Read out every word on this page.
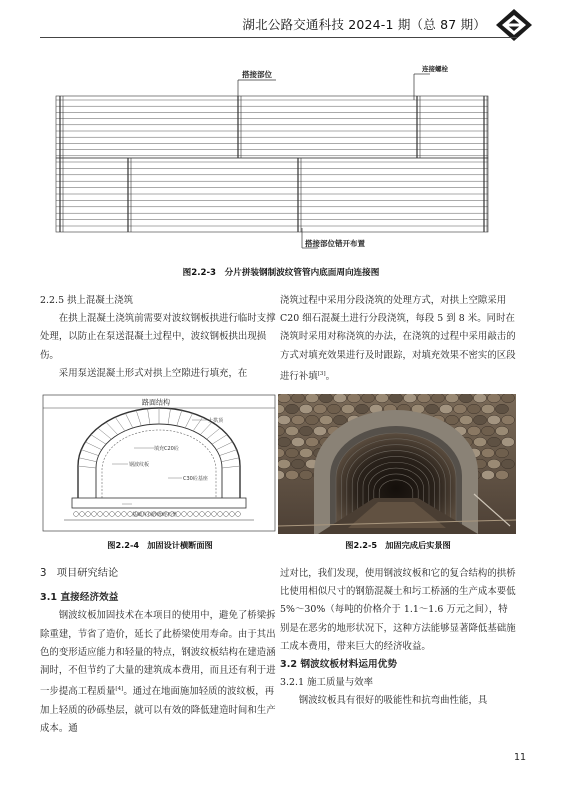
湖北公路交通科技 2024-1 期（总 87 期）
搭接部位
连接螺栓
搭接部位错开布置
图2.2-3　分片拼装钢制波纹管管内底面周向连接图

2.2.5 拱上混凝土浇筑

在拱上混凝土浇筑前需要对波纹钢板拱进行临时支撑处理，以防止在泵送混凝土过程中，波纹钢板拱出现损伤。

采用泵送混凝土形式对拱上空隙进行填充，在

浇筑过程中采用分段浇筑的处理方式，对拱上空隙采用 C20 细石混凝土进行分段浇筑，每段 5 到 8 米。同时在浇筑时采用对称浇筑的办法，在浇筑的过程中采用敲击的方式对填充效果进行及时跟踪，对填充效果不密实的区段进行补填[3]。

路面结构
土拱顶
填充C20砼
钢波纹板
C30砼基座
基础片石砂砾碎石垫
图2.2-4　加固设计横断面图	图2.2-5　加固完成后实景图

3　项目研究结论

3.1 直接经济效益

钢波纹板加固技术在本项目的使用中，避免了桥梁拆除重建，节省了造价，延长了此桥梁使用寿命。由于其出色的变形适应能力和轻量的特点，钢波纹板结构在建造涵洞时，不但节约了大量的建筑成本费用，而且还有利于进一步提高工程质量[4]。通过在地面施加轻质的波纹板，再加上轻质的砂砾垫层，就可以有效的降低建造时间和生产成本。通

过对比，我们发现，使用钢波纹板和它的复合结构的拱桥比使用相似尺寸的钢筋混凝土和圬工桥涵的生产成本要低 5%～30%（每吨的价格介于 1.1～1.6 万元之间），特别是在恶劣的地形状况下，这种方法能够显著降低基础施工成本费用，带来巨大的经济收益。

3.2 钢波纹板材料运用优势

3.2.1 施工质量与效率

钢波纹板具有很好的吸能性和抗弯曲性能，具

11
